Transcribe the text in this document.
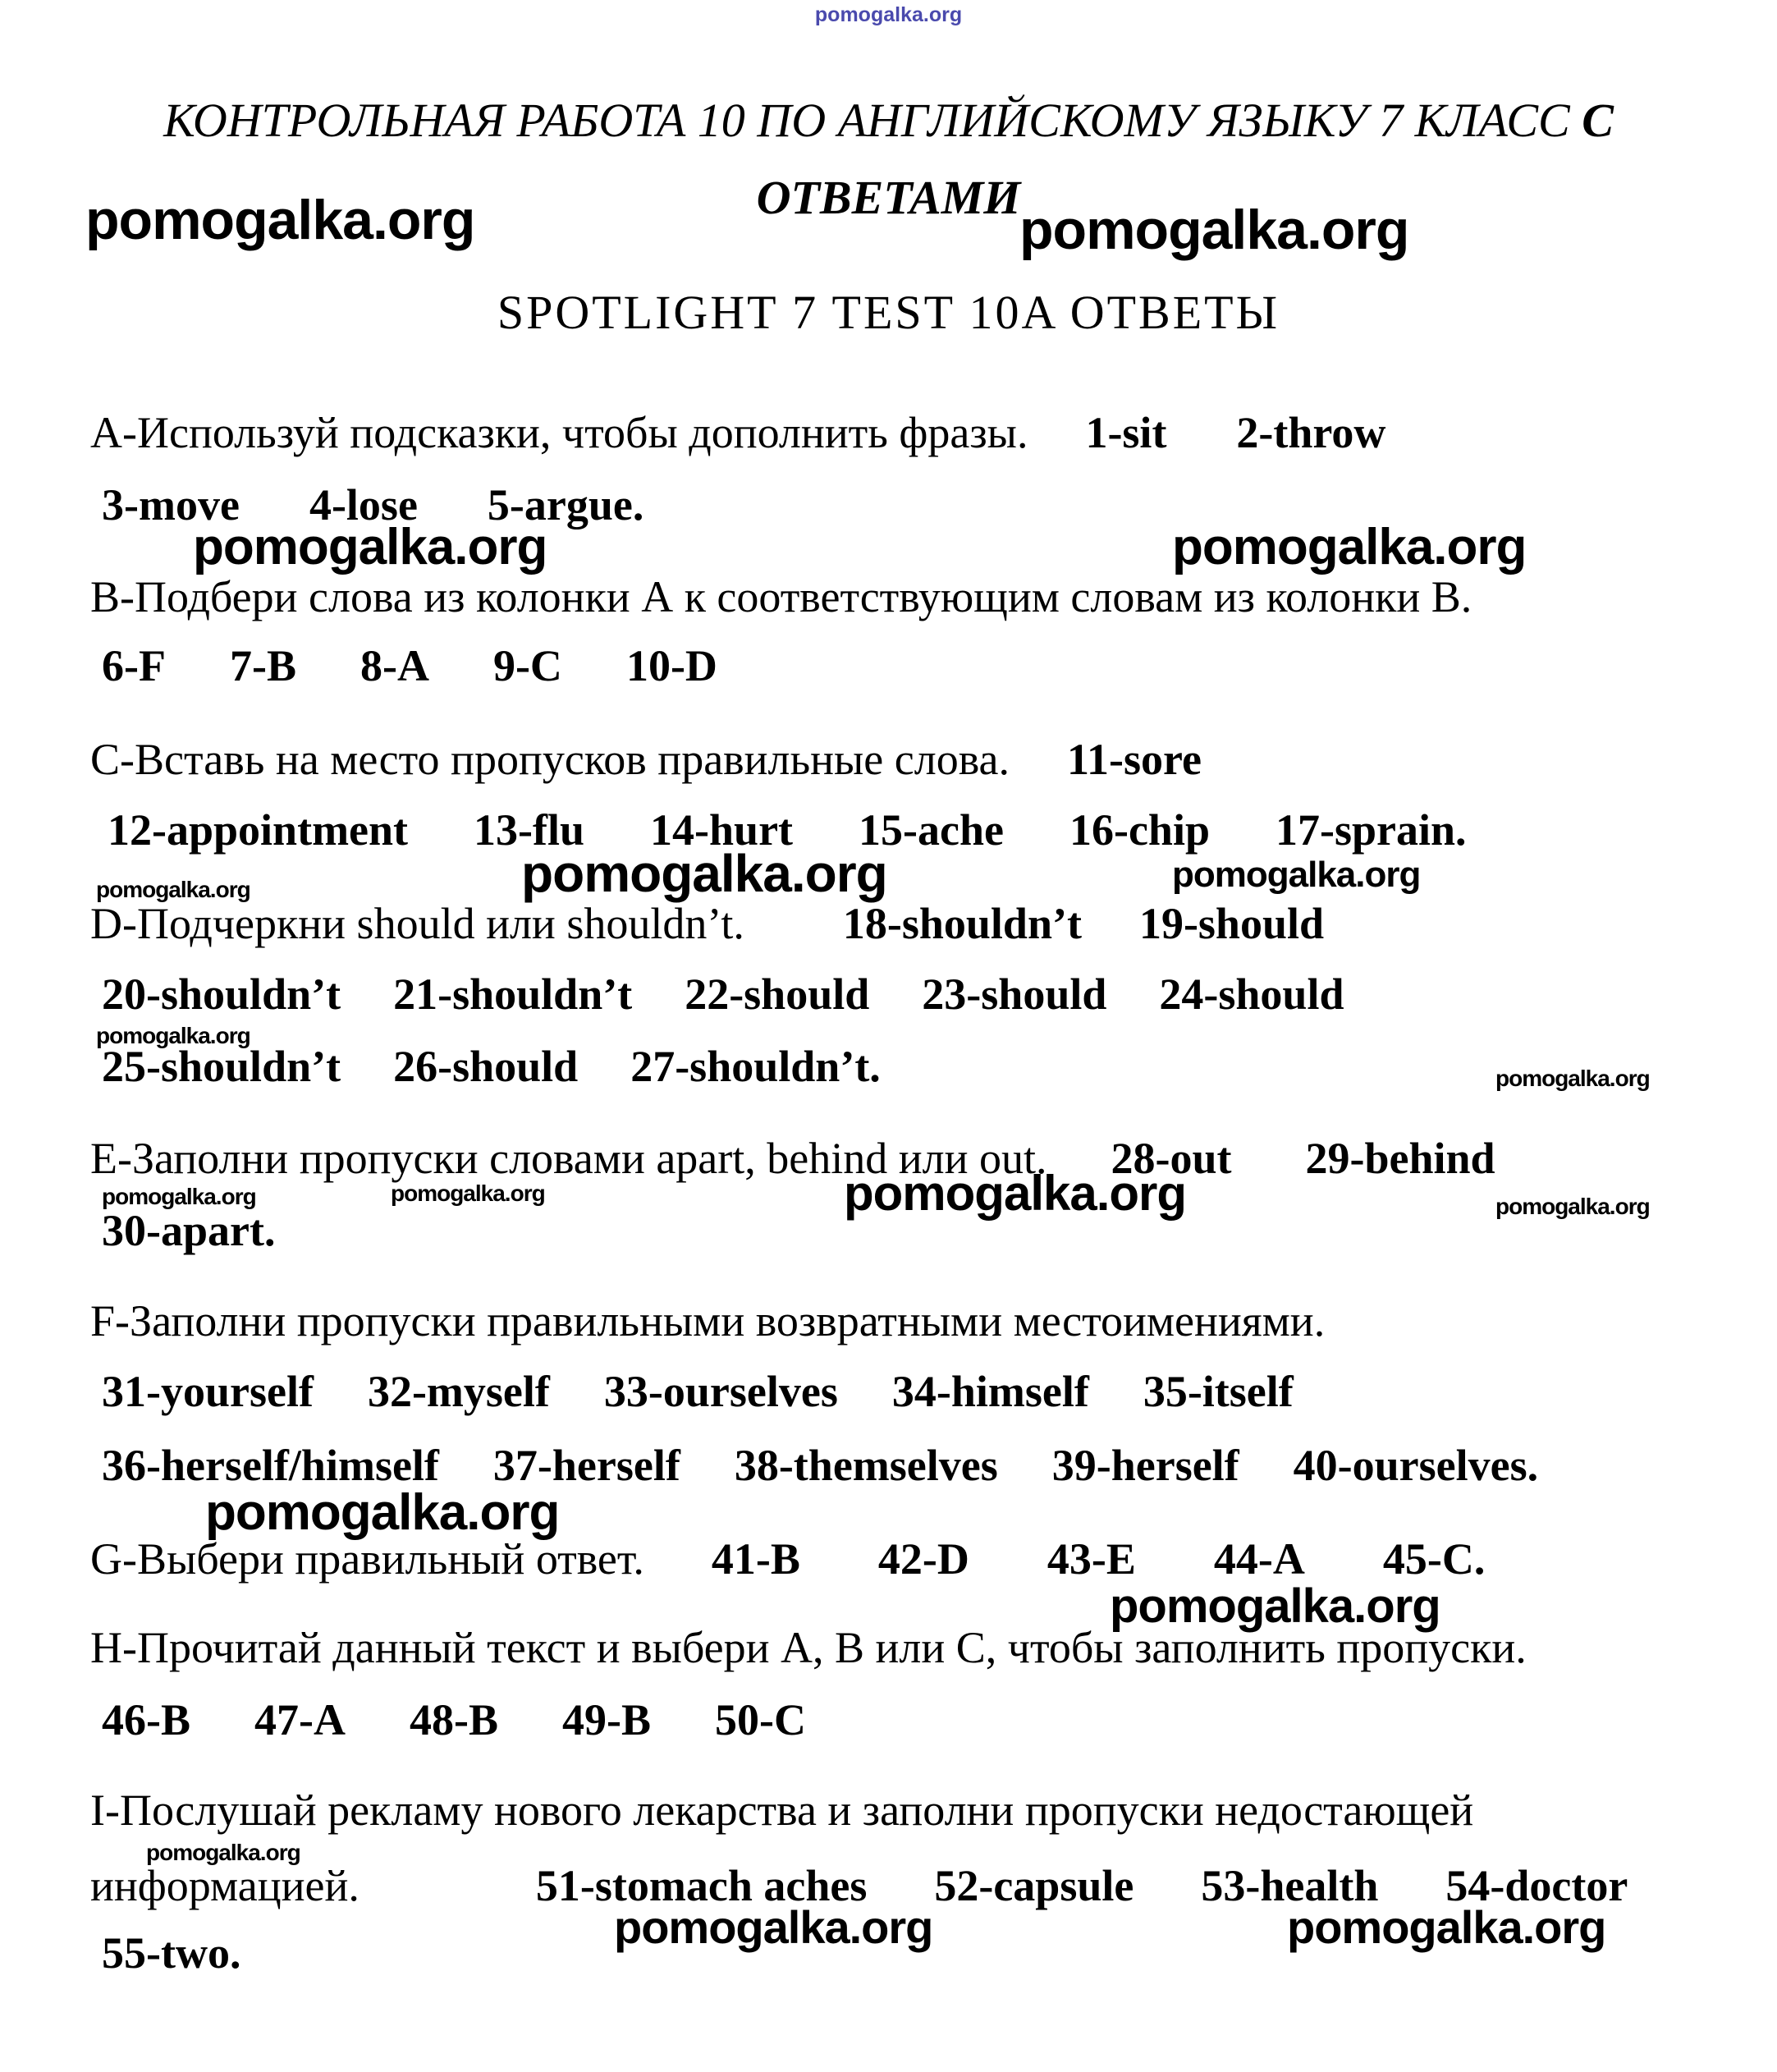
pomogalka.org
КОНТРОЛЬНАЯ РАБОТА 10 ПО АНГЛИЙСКОМУ ЯЗЫКУ 7 КЛАСС С
ОТВЕТАМИ
pomogalka.org	pomogalka.org
SPOTLIGHT 7 TEST 10A ОТВЕТЫ
А-Используй подсказки, чтобы дополнить фразы. 1-sit 2-throw
3-move 4-lose 5-argue.
pomogalka.org	pomogalka.org
В-Подбери слова из колонки А к соответствующим словам из колонки В.
6-F 7-B 8-A 9-C 10-D
С-Вставь на место пропусков правильные слова. 11-sore
12-appointment 13-flu 14-hurt 15-ache 16-chip 17-sprain.
pomogalka.org	pomogalka.org
pomogalka.org
D-Подчеркни should или shouldn’t. 18-shouldn’t 19-should
20-shouldn’t 21-shouldn’t 22-should 23-should 24-should
pomogalka.org
25-shouldn’t 26-should 27-shouldn’t.	pomogalka.org
Е-Заполни пропуски словами apart, behind или out. 28-out 29-behind
pomogalka.org	pomogalka.org	pomogalka.org	pomogalka.org
30-apart.
F-Заполни пропуски правильными возвратными местоимениями.
31-yourself 32-myself 33-ourselves 34-himself 35-itself
36-herself/himself 37-herself 38-themselves 39-herself 40-ourselves.
pomogalka.org
G-Выбери правильный ответ. 41-B 42-D 43-E 44-A 45-C.
pomogalka.org
Н-Прочитай данный текст и выбери А, В или С, чтобы заполнить пропуски.
46-B 47-A 48-B 49-B 50-C
I-Послушай рекламу нового лекарства и заполни пропуски недостающей
pomogalka.org
информацией.	51-stomach aches 52-capsule 53-health 54-doctor
pomogalka.org	pomogalka.org
55-two.
